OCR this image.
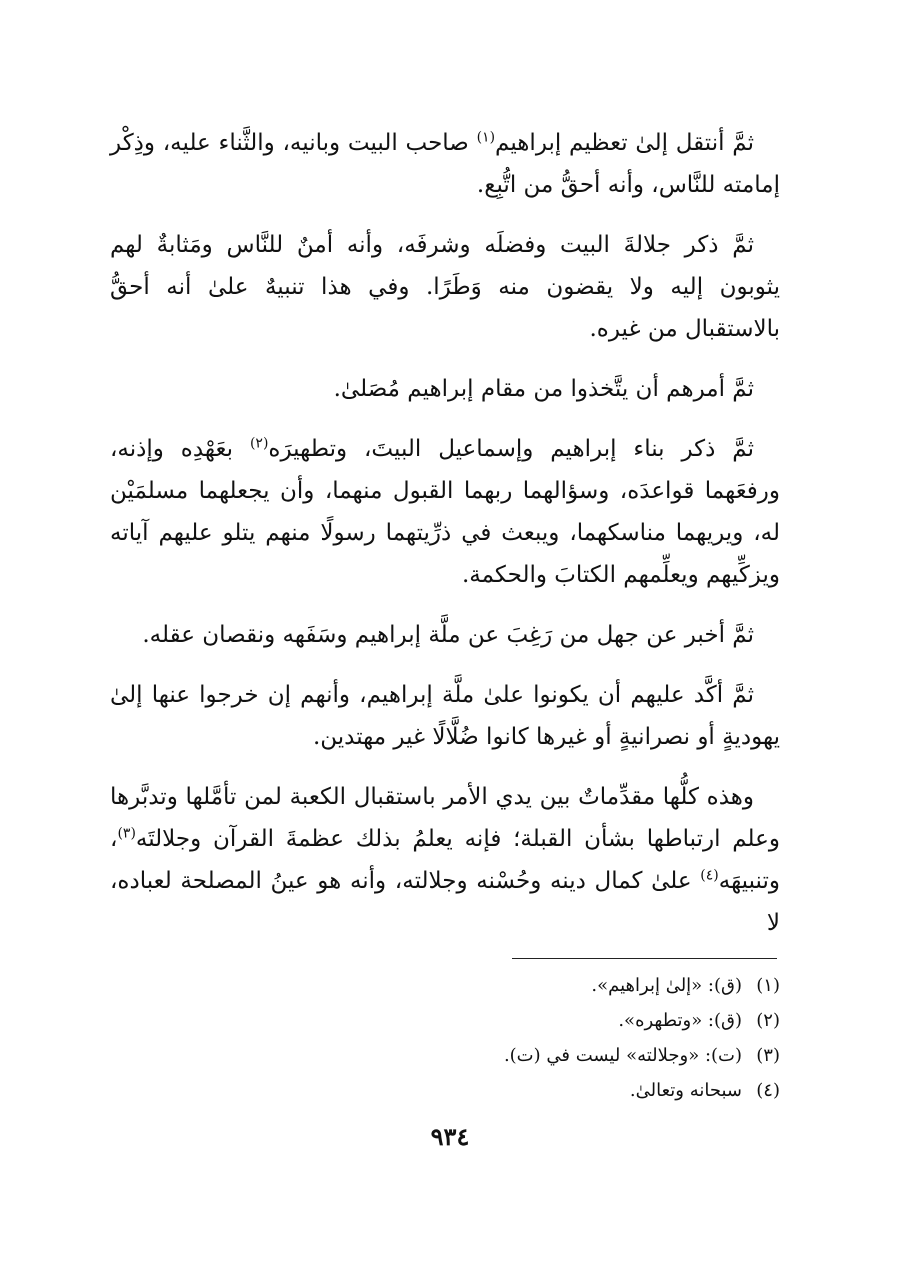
ثمَّ أنتقل إلىٰ تعظيم إبراهيم$^{(١)}$ صاحب البيت وبانيه، والثَّناء عليه، وذِكْر إمامته للنَّاس، وأنه أحقُّ من اتُّبِع.

ثمَّ ذكر جلالةَ البيت وفضلَه وشرفَه، وأنه أمنٌ للنَّاس ومَثابةٌ لهم يثوبون إليه ولا يقضون منه وَطَرًا. وفي هذا تنبيهٌ علىٰ أنه أحقُّ بالاستقبال من غيره.

ثمَّ أمرهم أن يتَّخذوا من مقام إبراهيم مُصَلىٰ.

ثمَّ ذكر بناء إبراهيم وإسماعيل البيتَ، وتطهيرَه$^{(٢)}$ بعَهْدِه وإذنه، ورفعَهما قواعدَه، وسؤالهما ربهما القبول منهما، وأن يجعلهما مسلمَيْن له، ويريهما مناسكهما، ويبعث في ذرِّيتهما رسولًا منهم يتلو عليهم آياته ويزكِّيهم ويعلِّمهم الكتابَ والحكمة.

ثمَّ أخبر عن جهل من رَغِبَ عن ملَّة إبراهيم وسَفَهه ونقصان عقله.

ثمَّ أكَّد عليهم أن يكونوا علىٰ ملَّة إبراهيم، وأنهم إن خرجوا عنها إلىٰ يهوديةٍ أو نصرانيةٍ أو غيرها كانوا ضُلَّالًا غير مهتدين.

وهذه كلُّها مقدِّماتٌ بين يدي الأمر باستقبال الكعبة لمن تأمَّلها وتدبَّرها وعلم ارتباطها بشأن القبلة؛ فإنه يعلمُ بذلك عظمةَ القرآن وجلالتَه$^{(٣)}$، وتنبيهَه$^{(٤)}$ علىٰ كمال دينه وحُسْنه وجلالته، وأنه هو عينُ المصلحة لعباده، لا

(١)
(ق): «إلىٰ إبراهيم».
(٢)
(ق): «وتطهره».
(٣)
(ت): «وجلالته» ليست في (ت).
(٤)
سبحانه وتعالىٰ.
٩٣٤
